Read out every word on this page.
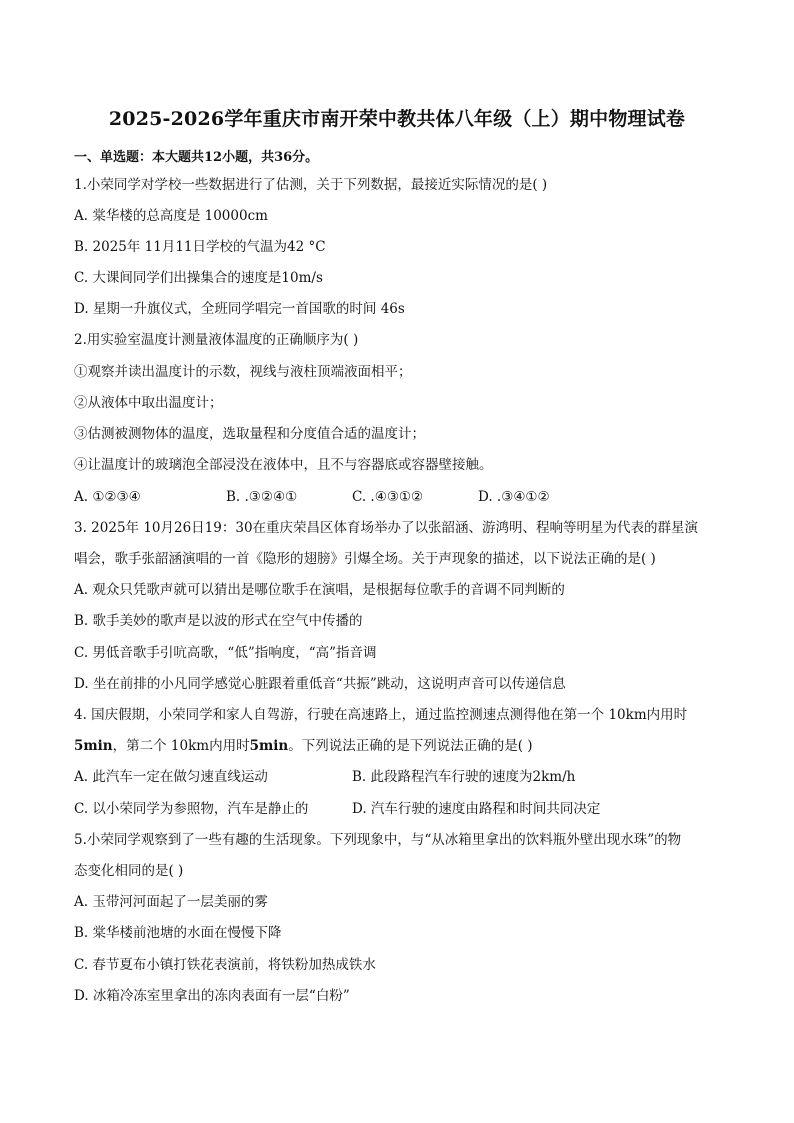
2025-2026学年重庆市南开荣中教共体八年级（上）期中物理试卷
一、单选题：本大题共12小题，共36分。
1.小荣同学对学校一些数据进行了估测，关于下列数据，最接近实际情况的是( )
A. 棠华楼的总高度是 10000cm
B. 2025年 11月11日学校的气温为42 °C
C. 大课间同学们出操集合的速度是10m/s
D. 星期一升旗仪式，全班同学唱完一首国歌的时间 46s
2.用实验室温度计测量液体温度的正确顺序为( )
①观察并读出温度计的示数，视线与液柱顶端液面相平；
②从液体中取出温度计；
③估测被测物体的温度，选取量程和分度值合适的温度计；
④让温度计的玻璃泡全部浸没在液体中，且不与容器底或容器壁接触。
A. ①②③④	B. .③②④①	C. .④③①②	D. .③④①②
3. 2025年 10月26日19：30在重庆荣昌区体育场举办了以张韶涵、游鸿明、程响等明星为代表的群星演
唱会，歌手张韶涵演唱的一首《隐形的翅膀》引爆全场。关于声现象的描述，以下说法正确的是( )
A. 观众只凭歌声就可以猜出是哪位歌手在演唱，是根据每位歌手的音调不同判断的
B. 歌手美妙的歌声是以波的形式在空气中传播的
C. 男低音歌手引吭高歌，“低”指响度，“高”指音调
D. 坐在前排的小凡同学感觉心脏跟着重低音“共振”跳动，这说明声音可以传递信息
4. 国庆假期，小荣同学和家人自驾游，行驶在高速路上，通过监控测速点测得他在第一个 10km内用时
5min，第二个 10km内用时5min。下列说法正确的是下列说法正确的是( )
A. 此汽车一定在做匀速直线运动	B. 此段路程汽车行驶的速度为2km/h
C. 以小荣同学为参照物，汽车是静止的	D. 汽车行驶的速度由路程和时间共同决定
5.小荣同学观察到了一些有趣的生活现象。下列现象中，与“从冰箱里拿出的饮料瓶外壁出现水珠”的物
态变化相同的是( )
A. 玉带河河面起了一层美丽的雾
B. 棠华楼前池塘的水面在慢慢下降
C. 春节夏布小镇打铁花表演前，将铁粉加热成铁水
D. 冰箱冷冻室里拿出的冻肉表面有一层“白粉”
